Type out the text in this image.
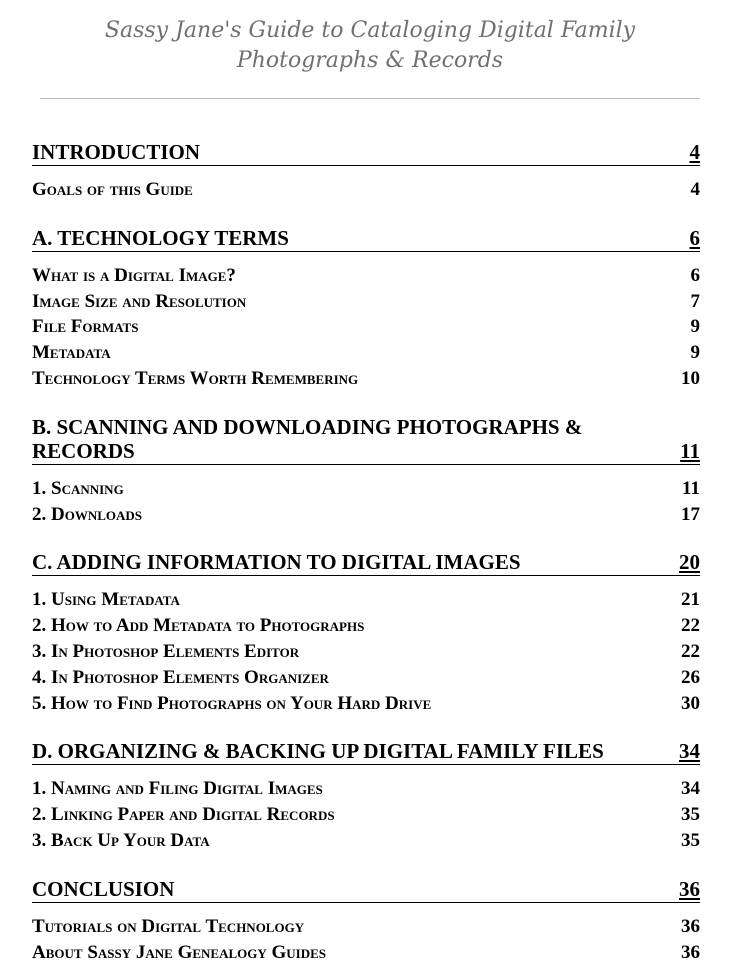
Sassy Jane's Guide to Cataloging Digital Family Photographs & Records
INTRODUCTION	4
Goals of this Guide	4
A. TECHNOLOGY TERMS	6
What is a Digital Image?	6
Image Size and Resolution	7
File Formats	9
Metadata	9
Technology Terms Worth Remembering	10
B. SCANNING AND DOWNLOADING PHOTOGRAPHS & RECORDS	11
1. Scanning	11
2. Downloads	17
C. ADDING INFORMATION TO DIGITAL IMAGES	20
1. Using Metadata	21
2. How to Add Metadata to Photographs	22
3. In Photoshop Elements Editor	22
4. In Photoshop Elements Organizer	26
5. How to Find Photographs on Your Hard Drive	30
D. ORGANIZING & BACKING UP DIGITAL FAMILY FILES	34
1. Naming and Filing Digital Images	34
2. Linking Paper and Digital Records	35
3. Back Up Your Data	35
CONCLUSION	36
Tutorials on Digital Technology	36
About Sassy Jane Genealogy Guides	36
